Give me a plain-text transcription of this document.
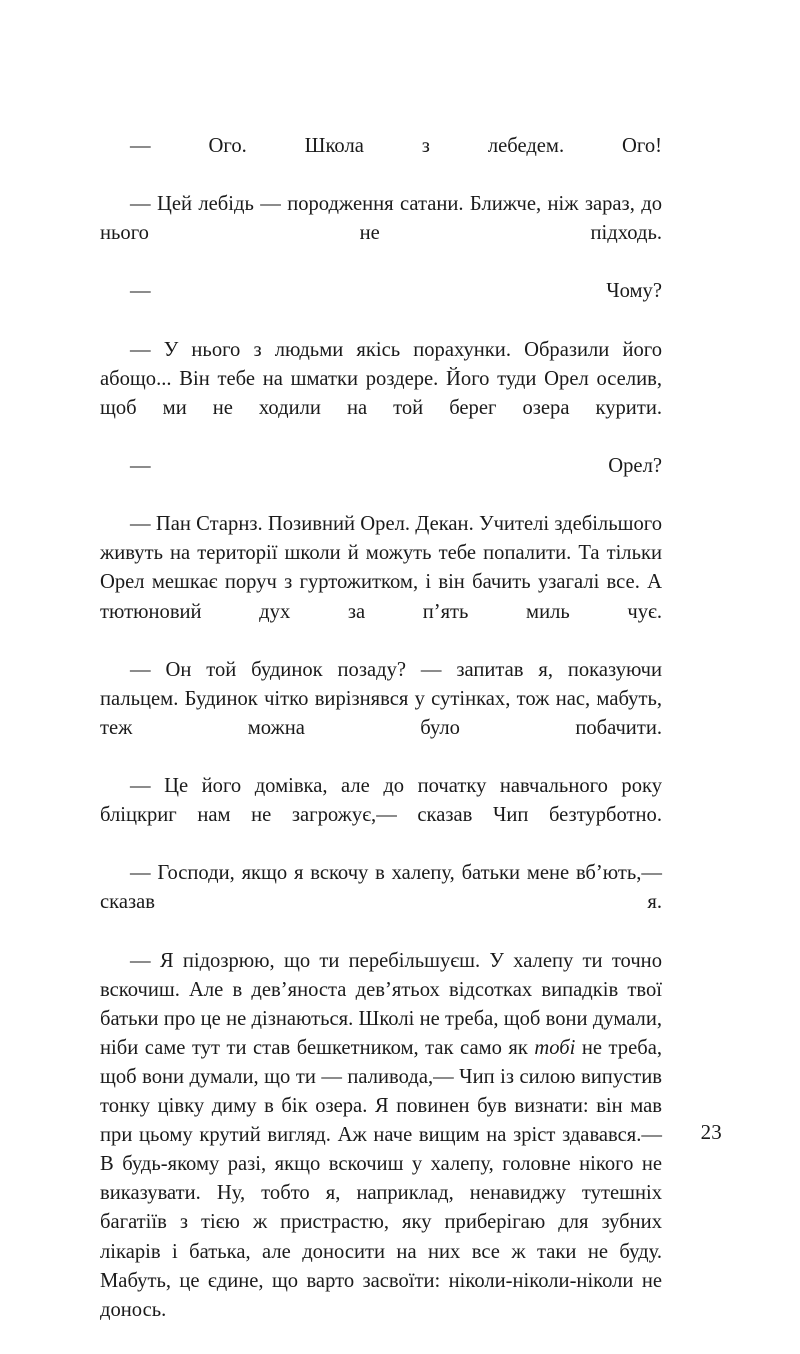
— Ого. Школа з лебедем. Ого!

— Цей лебідь — породження сатани. Ближче, ніж зараз, до нього не підходь.

— Чому?

— У нього з людьми якісь порахунки. Образили його абощо... Він тебе на шматки роздере. Його туди Орел оселив, щоб ми не ходили на той берег озера курити.

— Орел?

— Пан Старнз. Позивний Орел. Декан. Учителі здебільшого живуть на території школи й можуть тебе попалити. Та тільки Орел мешкає поруч з гуртожитком, і він бачить узагалі все. А тютюновий дух за п’ять миль чує.

— Он той будинок позаду? — запитав я, показуючи пальцем. Будинок чітко вирізнявся у сутінках, тож нас, мабуть, теж можна було побачити.

— Це його домівка, але до початку навчального року бліцкриг нам не загрожує,— сказав Чип безтурботно.

— Господи, якщо я вскочу в халепу, батьки мене вб’ють,— сказав я.

— Я підозрюю, що ти перебільшуєш. У халепу ти точно вскочиш. Але в дев’яноста дев’ятьох відсотках випадків твої батьки про це не дізнаються. Школі не треба, щоб вони думали, ніби саме тут ти став бешкетником, так само як тобі не треба, щоб вони думали, що ти — паливода,— Чип із силою випустив тонку цівку диму в бік озера. Я повинен був визнати: він мав при цьому крутий вигляд. Аж наче вищим на зріст здавався.— В будь-якому разі, якщо вскочиш у халепу, головне нікого не виказувати. Ну, тобто я, наприклад, ненавиджу тутешніх багатіїв з тією ж пристрастю, яку приберігаю для зубних лікарів і батька, але доносити на них все ж таки не буду. Мабуть, це єдине, що варто засвоїти: ніколи-ніколи-ніколи не донось.

23
